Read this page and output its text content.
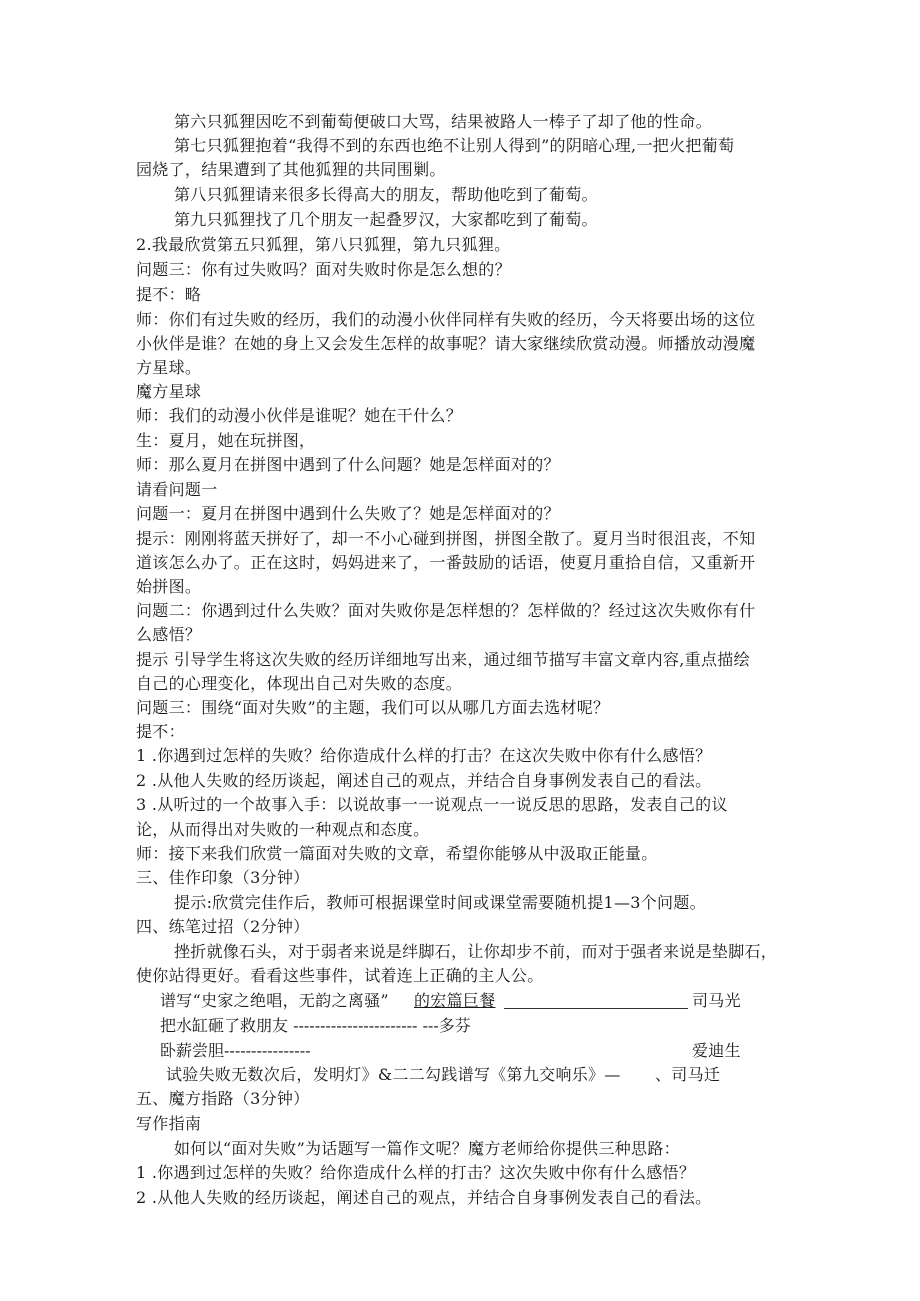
第六只狐狸因吃不到葡萄便破口大骂，结果被路人一棒子了却了他的性命。
第七只狐狸抱着“我得不到的东西也绝不让别人得到”的阴暗心理,一把火把葡萄
园烧了，结果遭到了其他狐狸的共同围剿。
第八只狐狸请来很多长得高大的朋友，帮助他吃到了葡萄。
第九只狐狸找了几个朋友一起叠罗汉，大家都吃到了葡萄。
2.我最欣赏第五只狐狸，第八只狐狸，第九只狐狸。
问题三：你有过失败吗？面对失败时你是怎么想的？
提不：略
师：你们有过失败的经历，我们的动漫小伙伴同样有失败的经历，今天将要出场的这位
小伙伴是谁？在她的身上又会发生怎样的故事呢？请大家继续欣赏动漫。师播放动漫魔
方星球。
魔方星球
师：我们的动漫小伙伴是谁呢？她在干什么？
生：夏月，她在玩拼图，
师：那么夏月在拼图中遇到了什么问题？她是怎样面对的？
请看问题一
问题一：夏月在拼图中遇到什么失败了？她是怎样面对的？
提示：刚刚将蓝天拼好了，却一不小心碰到拼图，拼图全散了。夏月当时很沮丧，不知
道该怎么办了。正在这时，妈妈进来了，一番鼓励的话语，使夏月重拾自信，又重新开
始拼图。
问题二：你遇到过什么失败？面对失败你是怎样想的？怎样做的？经过这次失败你有什
么感悟？
提示 引导学生将这次失败的经历详细地写出来，通过细节描写丰富文章内容,重点描绘
自己的心理变化，体现出自己对失败的态度。
问题三：围绕“面对失败”的主题，我们可以从哪几方面去选材呢？
提不：
1 .你遇到过怎样的失败？给你造成什么样的打击？在这次失败中你有什么感悟？
2 .从他人失败的经历谈起，阐述自己的观点，并结合自身事例发表自己的看法。
3 .从听过的一个故事入手：以说故事一一说观点一一说反思的思路，发表自己的议
论，从而得出对失败的一种观点和态度。
师：接下来我们欣赏一篇面对失败的文章，希望你能够从中汲取正能量。
三、佳作印象（3分钟）
提示:欣赏完佳作后，教师可根据课堂时间或课堂需要随机提1—3个问题。
四、练笔过招（2分钟）
挫折就像石头，对于弱者来说是绊脚石，让你却步不前，而对于强者来说是垫脚石，
使你站得更好。看看这些事件，试着连上正确的主人公。
谱写“史家之绝唱，无韵之离骚” 的宏篇巨餐	司马光
把水缸砸了救朋友 ----------------------- ---多芬
卧薪尝胆----------------	爱迪生
试验失败无数次后，发明灯》&二二勾践谱写《第九交响乐》— 、司马迁
五、魔方指路（3分钟）
写作指南
如何以“面对失败”为话题写一篇作文呢？魔方老师给你提供三种思路：
1 .你遇到过怎样的失败？给你造成什么样的打击？这次失败中你有什么感悟？
2 .从他人失败的经历谈起，阐述自己的观点，并结合自身事例发表自己的看法。
